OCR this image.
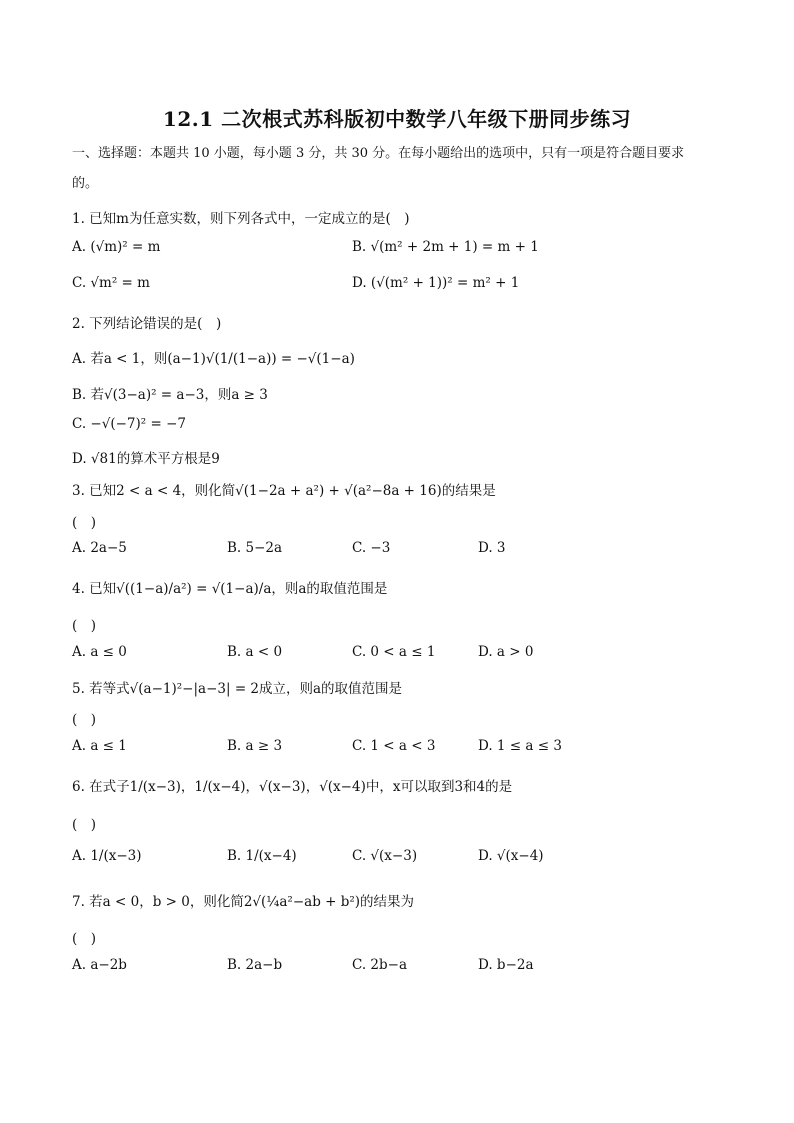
12.1 二次根式苏科版初中数学八年级下册同步练习
一、选择题：本题共 10 小题，每小题 3 分，共 30 分。在每小题给出的选项中，只有一项是符合题目要求
的。
1. 已知m为任意实数，则下列各式中，一定成立的是(　)
A. (√m)² = m	B. √(m² + 2m + 1) = m + 1
C. √m² = m	D. (√(m² + 1))² = m² + 1
2. 下列结论错误的是(　)
A. 若a < 1，则(a−1)√(1/(1−a)) = −√(1−a)
B. 若√(3−a)² = a−3，则a ≥ 3
C. −√(−7)² = −7
D. √81的算术平方根是9
3. 已知2 < a < 4，则化简√(1−2a + a²) + √(a²−8a + 16)的结果是
(　)
A. 2a−5	B. 5−2a	C. −3	D. 3
4. 已知√((1−a)/a²) = √(1−a)/a，则a的取值范围是
(　)
A. a ≤ 0	B. a < 0	C. 0 < a ≤ 1	D. a > 0
5. 若等式√(a−1)²−|a−3| = 2成立，则a的取值范围是
(　)
A. a ≤ 1	B. a ≥ 3	C. 1 < a < 3	D. 1 ≤ a ≤ 3
6. 在式子1/(x−3)，1/(x−4)，√(x−3)，√(x−4)中，x可以取到3和4的是
(　)
A. 1/(x−3)	B. 1/(x−4)	C. √(x−3)	D. √(x−4)
7. 若a < 0，b > 0，则化简2√(¼a²−ab + b²)的结果为
(　)
A. a−2b	B. 2a−b	C. 2b−a	D. b−2a
